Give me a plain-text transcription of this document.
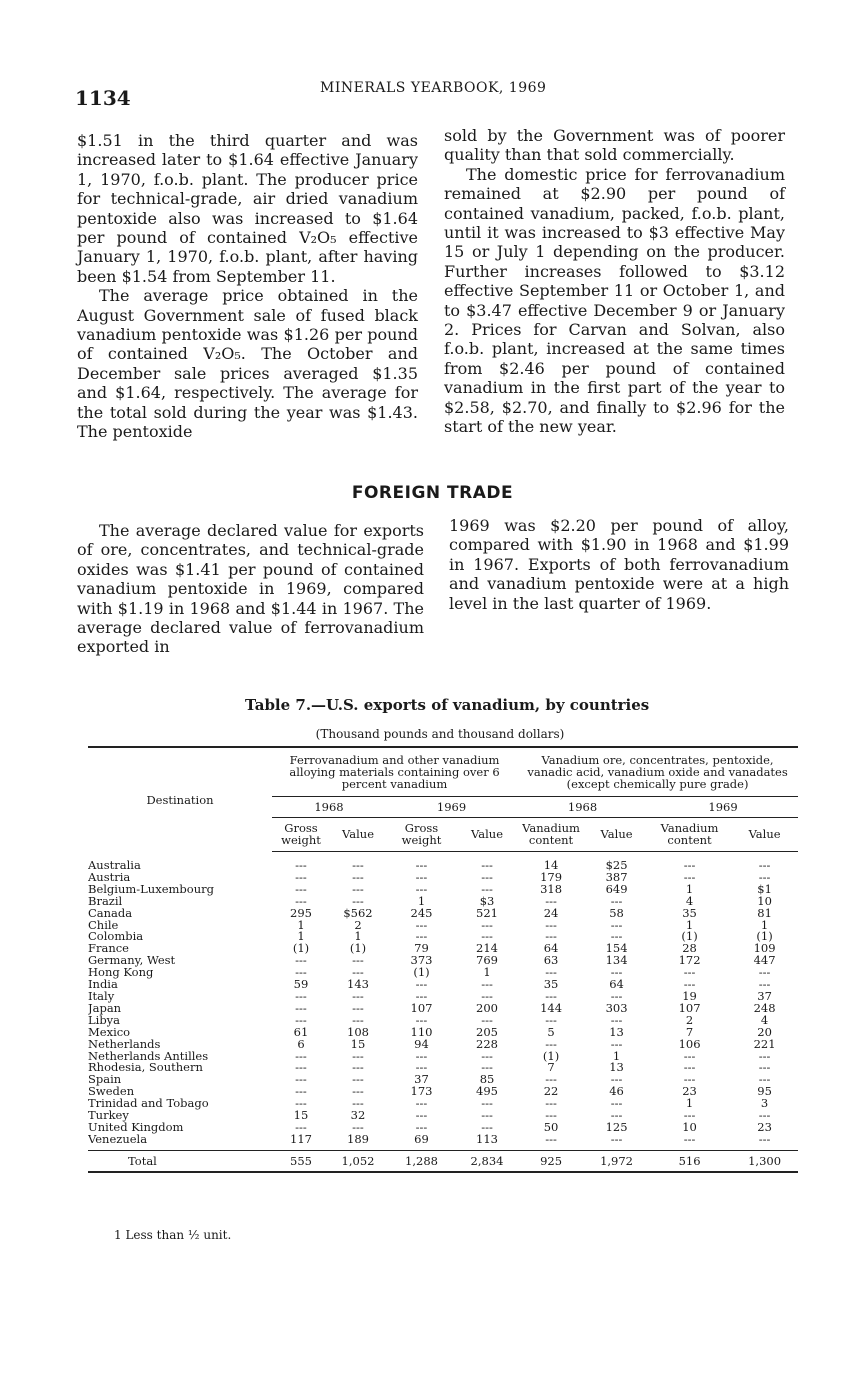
1134	MINERALS YEARBOOK, 1969

$1.51 in the third quarter and was increased later to $1.64 effective January 1, 1970, f.o.b. plant. The producer price for technical-grade, air dried vanadium pentoxide also was increased to $1.64 per pound of contained V₂O₅ effective January 1, 1970, f.o.b. plant, after having been $1.54 from September 11.

The average price obtained in the August Government sale of fused black vanadium pentoxide was $1.26 per pound of contained V₂O₅. The October and December sale prices averaged $1.35 and $1.64, respectively. The average for the total sold during the year was $1.43. The pentoxide

sold by the Government was of poorer quality than that sold commercially.

The domestic price for ferrovanadium remained at $2.90 per pound of contained vanadium, packed, f.o.b. plant, until it was increased to $3 effective May 15 or July 1 depending on the producer. Further increases followed to $3.12 effective September 11 or October 1, and to $3.47 effective December 9 or January 2. Prices for Carvan and Solvan, also f.o.b. plant, increased at the same times from $2.46 per pound of contained vanadium in the first part of the year to $2.58, $2.70, and finally to $2.96 for the start of the new year.

FOREIGN TRADE

The average declared value for exports of ore, concentrates, and technical-grade oxides was $1.41 per pound of contained vanadium pentoxide in 1969, compared with $1.19 in 1968 and $1.44 in 1967. The average declared value of ferrovanadium exported in

1969 was $2.20 per pound of alloy, compared with $1.90 in 1968 and $1.99 in 1967. Exports of both ferrovanadium and vanadium pentoxide were at a high level in the last quarter of 1969.

Table 7.—U.S. exports of vanadium, by countries
(Thousand pounds and thousand dollars)
Destination	Ferrovanadium and other vanadium alloying materials containing over 6 percent vanadium				Vanadium ore, concentrates, pentoxide, vanadic acid, vanadium oxide and vanadates (except chemically pure grade)			
	1968		1969		1968		1969	
	Gross weight	Value	Gross weight	Value	Vanadium content	Value	Vanadium content	Value
Australia	---	---	---	---	14	$25	---	---
Austria	---	---	---	---	179	387	---	---
Belgium-Luxembourg	---	---	---	---	318	649	1	$1
Brazil	---	---	1	$3	---	---	4	10
Canada	295	$562	245	521	24	58	35	81
Chile	1	2	---	---	---	---	1	1
Colombia	1	1	---	---	---	---	(1)	(1)
France	(1)	(1)	79	214	64	154	28	109
Germany, West	---	---	373	769	63	134	172	447
Hong Kong	---	---	(1)	1	---	---	---	---
India	59	143	---	---	35	64	---	---
Italy	---	---	---	---	---	---	19	37
Japan	---	---	107	200	144	303	107	248
Libya	---	---	---	---	---	---	2	4
Mexico	61	108	110	205	5	13	7	20
Netherlands	6	15	94	228	---	---	106	221
Netherlands Antilles	---	---	---	---	(1)	1	---	---
Rhodesia, Southern	---	---	---	---	7	13	---	---
Spain	---	---	37	85	---	---	---	---
Sweden	---	---	173	495	22	46	23	95
Trinidad and Tobago	---	---	---	---	---	---	1	3
Turkey	15	32	---	---	---	---	---	---
United Kingdom	---	---	---	---	50	125	10	23
Venezuela	117	189	69	113	---	---	---	---
Total	555	1,052	1,288	2,834	925	1,972	516	1,300
1 Less than ½ unit.
